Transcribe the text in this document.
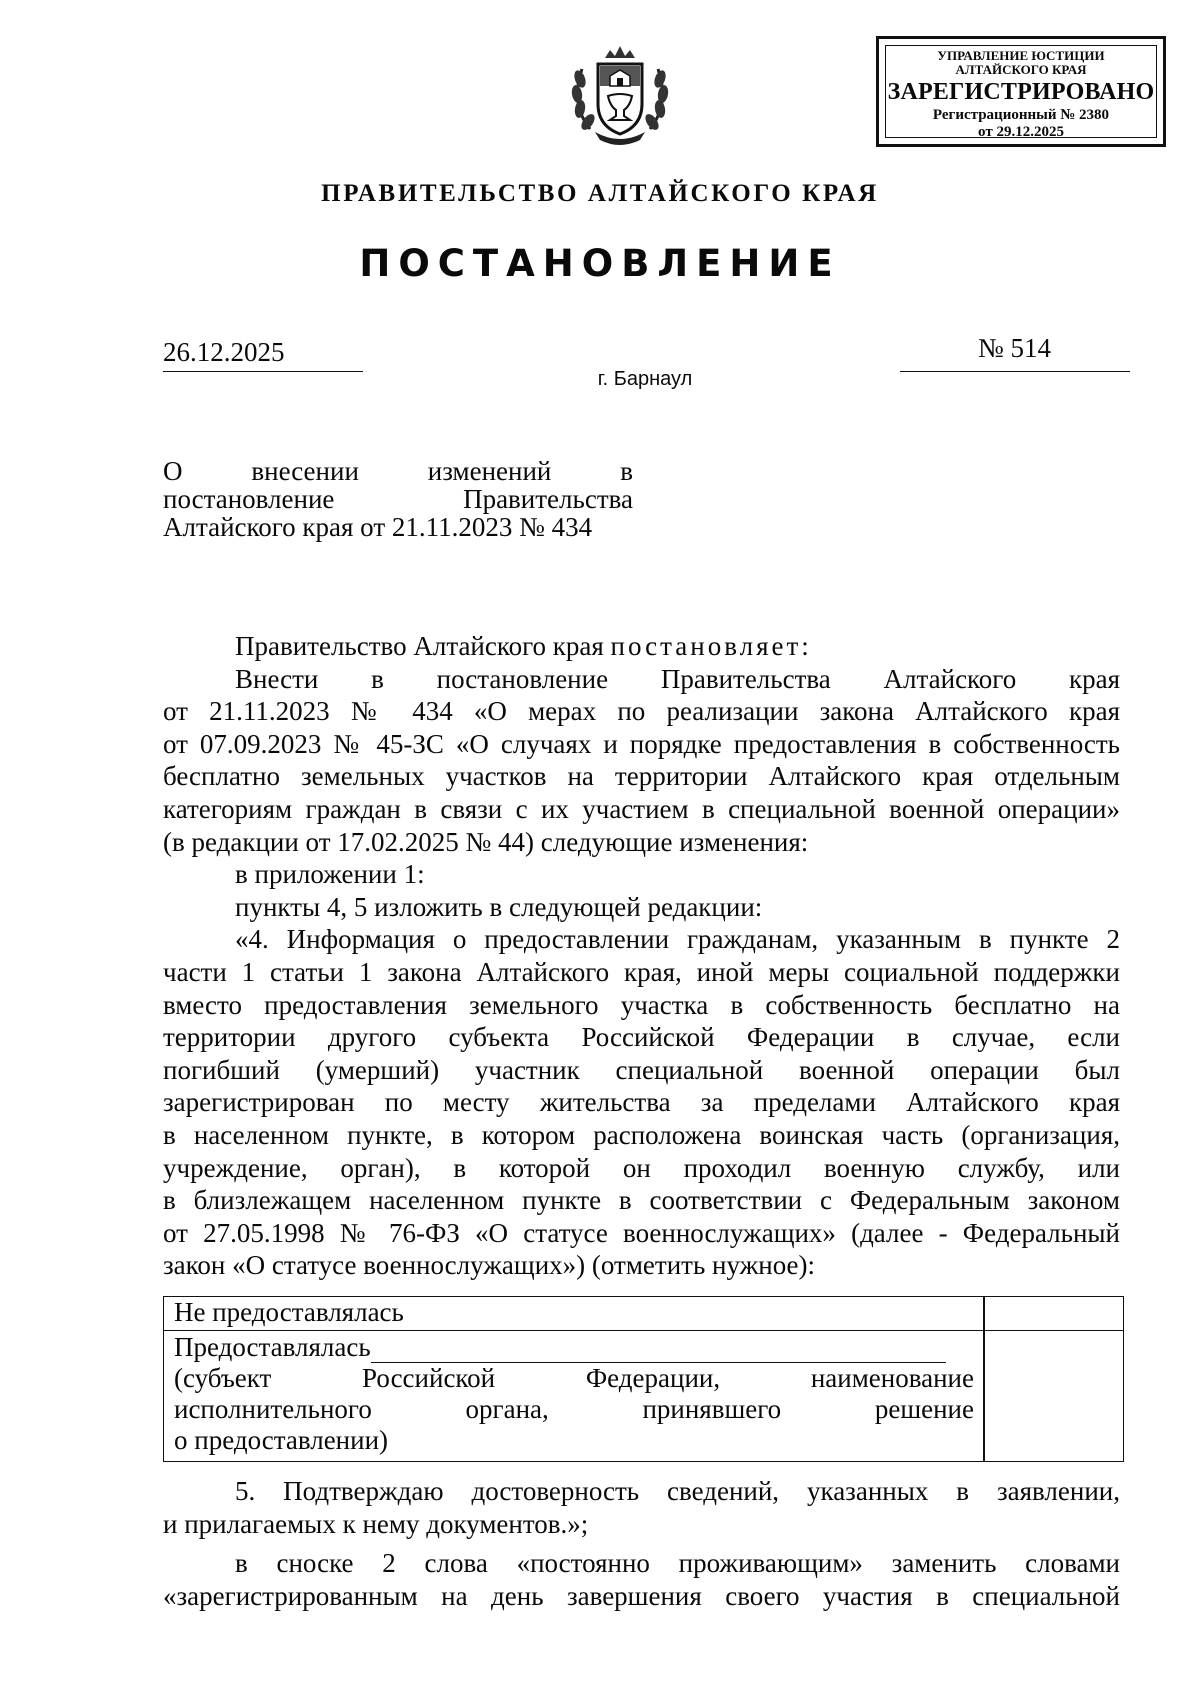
УПРАВЛЕНИЕ ЮСТИЦИИ
АЛТАЙСКОГО КРАЯ
ЗАРЕГИСТРИРОВАНО
Регистрационный № 2380
от 29.12.2025
ПРАВИТЕЛЬСТВО АЛТАЙСКОГО КРАЯ
ПОСТАНОВЛЕНИЕ
26.12.2025	№ 514
г. Барнаул
О	внесении	изменений	в
постановление	Правительства
Алтайского края от 21.11.2023 № 434
Правительство Алтайского края постановляет:
Внести в постановление Правительства Алтайского края
от 21.11.2023 № 434 «О мерах по реализации закона Алтайского края
от 07.09.2023 № 45-ЗС «О случаях и порядке предоставления в собственность
бесплатно земельных участков на территории Алтайского края отдельным
категориям граждан в связи с их участием в специальной военной операции»
(в редакции от 17.02.2025 № 44) следующие изменения:
в приложении 1:
пункты 4, 5 изложить в следующей редакции:
«4. Информация о предоставлении гражданам, указанным в пункте 2
части 1 статьи 1 закона Алтайского края, иной меры социальной поддержки
вместо предоставления земельного участка в собственность бесплатно на
территории другого субъекта Российской Федерации в случае, если
погибший (умерший) участник специальной военной операции был
зарегистрирован по месту жительства за пределами Алтайского края
в населенном пункте, в котором расположена воинская часть (организация,
учреждение, орган), в которой он проходил военную службу, или
в близлежащем населенном пункте в соответствии с Федеральным законом
от 27.05.1998 № 76-ФЗ «О статусе военнослужащих» (далее - Федеральный
закон «О статусе военнослужащих») (отметить нужное):
Не предоставлялась
Предоставлялась
(субъект Российской Федерации, наименование
исполнительного органа, принявшего решение
о предоставлении)
5. Подтверждаю достоверность сведений, указанных в заявлении,
и прилагаемых к нему документов.»;
в сноске 2 слова «постоянно проживающим» заменить словами
«зарегистрированным на день завершения своего участия в специальной
